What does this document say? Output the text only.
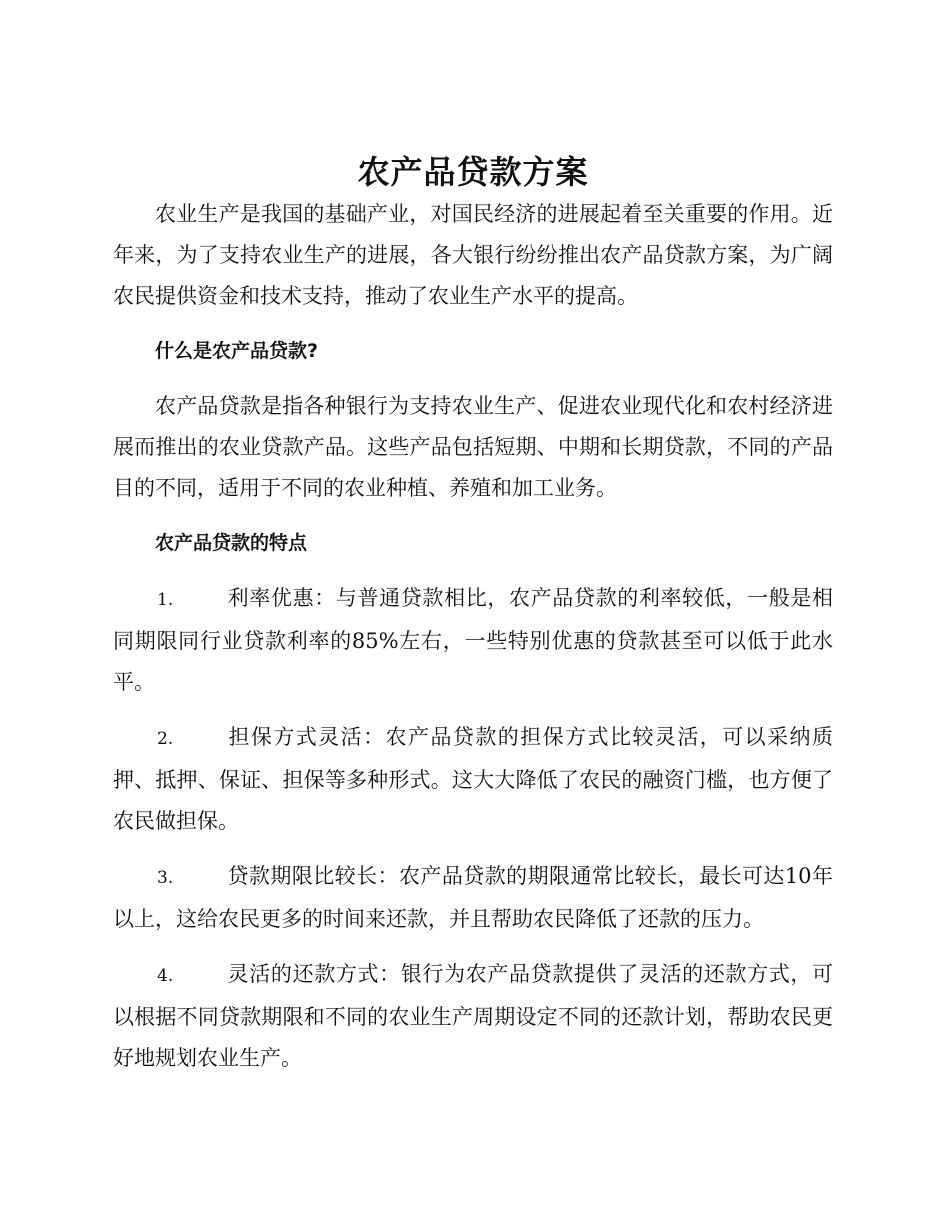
农产品贷款方案

农业生产是我国的基础产业，对国民经济的进展起着至关重要的作用。近年来，为了支持农业生产的进展，各大银行纷纷推出农产品贷款方案，为广阔农民提供资金和技术支持，推动了农业生产水平的提高。

什么是农产品贷款?

农产品贷款是指各种银行为支持农业生产、促进农业现代化和农村经济进展而推出的农业贷款产品。这些产品包括短期、中期和长期贷款，不同的产品目的不同，适用于不同的农业种植、养殖和加工业务。

农产品贷款的特点

1.	利率优惠：与普通贷款相比，农产品贷款的利率较低，一般是相同期限同行业贷款利率的85%左右，一些特别优惠的贷款甚至可以低于此水平。

2.	担保方式灵活：农产品贷款的担保方式比较灵活，可以采纳质押、抵押、保证、担保等多种形式。这大大降低了农民的融资门槛，也方便了农民做担保。

3.	贷款期限比较长：农产品贷款的期限通常比较长，最长可达10年以上，这给农民更多的时间来还款，并且帮助农民降低了还款的压力。

4.	灵活的还款方式：银行为农产品贷款提供了灵活的还款方式，可以根据不同贷款期限和不同的农业生产周期设定不同的还款计划，帮助农民更好地规划农业生产。
